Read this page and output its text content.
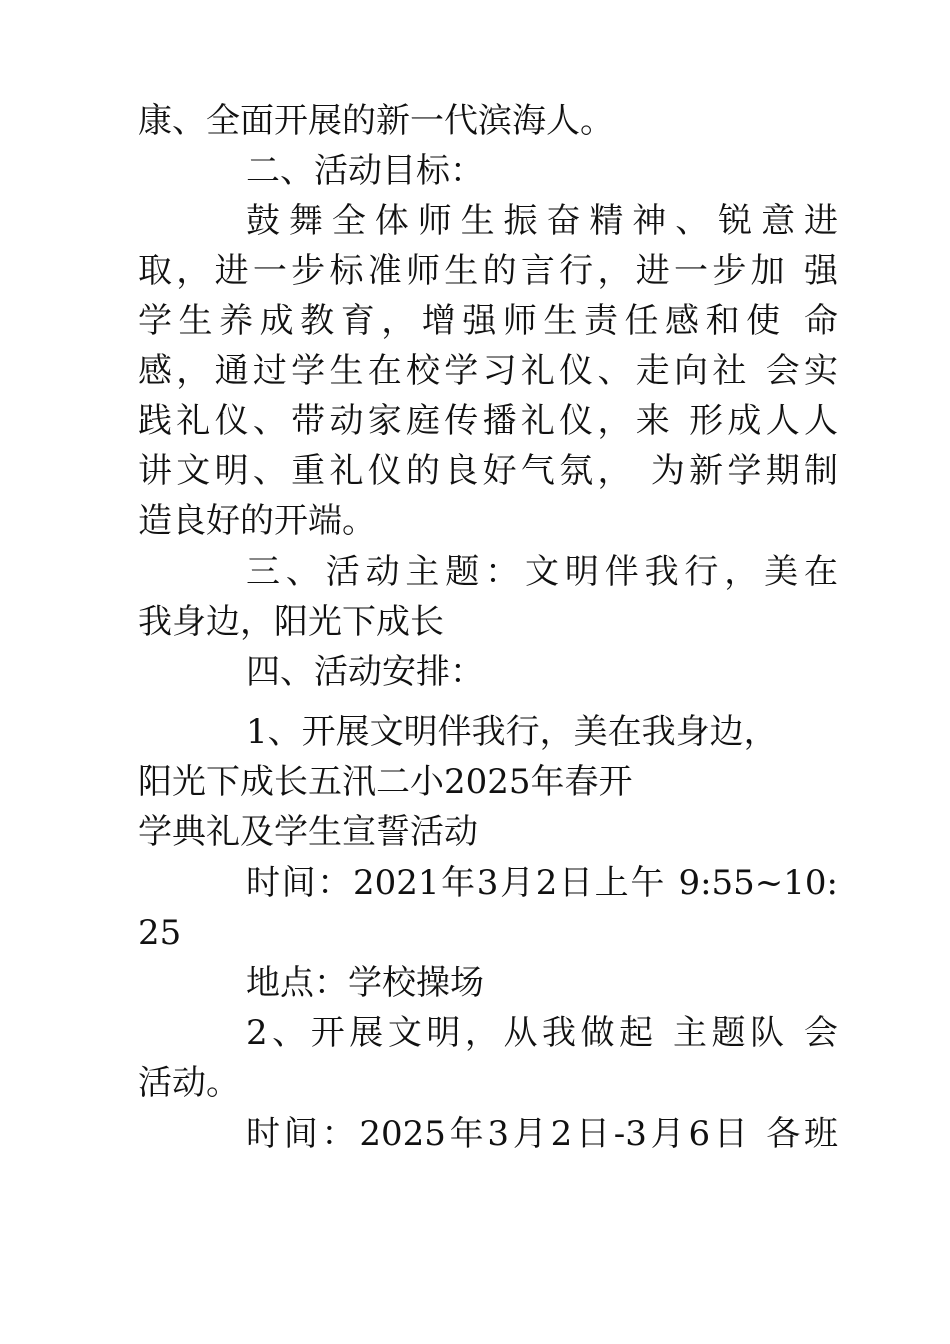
康、全面开展的新一代滨海人。
二、活动目标：
鼓舞全体师生振奋精神、锐意进
取，进一步标准师生的言行，进一步加 强
学生养成教育，增强师生责任感和使 命
感，通过学生在校学习礼仪、走向社 会实
践礼仪、带动家庭传播礼仪，来 形成人人
讲文明、重礼仪的良好气氛， 为新学期制
造良好的开端。
三、活动主题：文明伴我行，美在
我身边，阳光下成长
四、活动安排：
1、开展文明伴我行，美在我身边，
阳光下成长五汛二小2025年春开
学典礼及学生宣誓活动
时间：2021年3月2日上午 9:55~10:
25
地点：学校操场
2、开展文明，从我做起 主题队 会
活动。
时间：2025年3月2日-3月6日 各班
